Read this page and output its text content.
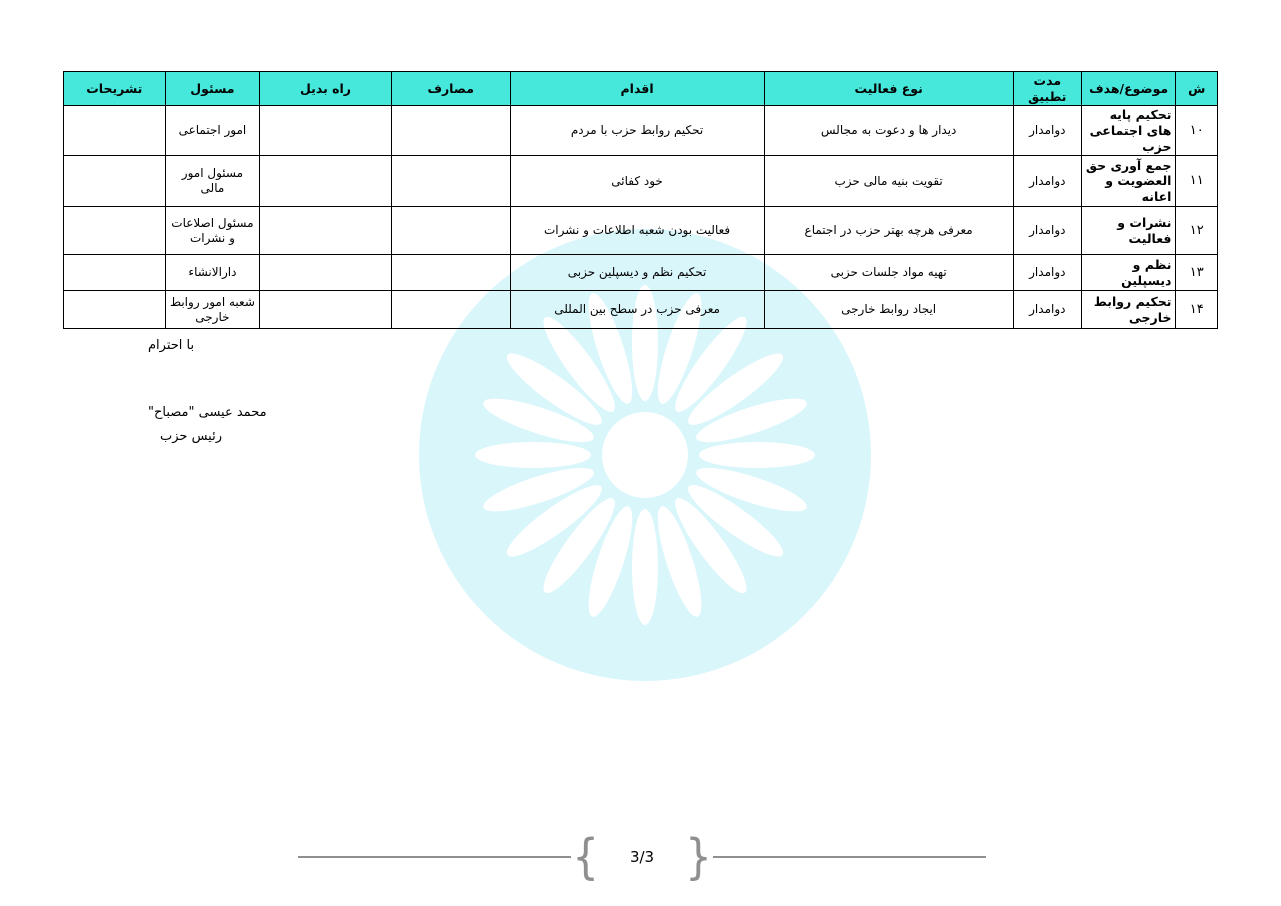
ش	موضوع/هدف	مدت تطبیق	نوع فعالیت	اقدام	مصارف	راه بدیل	مسئول	تشریحات
۱۰	تحکیم پایه های اجتماعی حزب	دوامدار	دیدار ها و دعوت به مجالس	تحکیم روابط حزب با مردم			امور اجتماعی	
۱۱	جمع آوری حق العضویت و اعانه	دوامدار	تقویت بنیه مالی حزب	خود کفائی			مسئول امور مالی	
۱۲	نشرات و فعالیت	دوامدار	معرفی هرچه بهتر حزب در اجتماع	فعالیت بودن شعبه اطلاعات و نشرات			مسئول اصلاعات و نشرات	
۱۳	نظم و دیسپلین	دوامدار	تهیه مواد جلسات حزبی	تحکیم نظم و دیسپلین حزبی			دارالانشاء	
۱۴	تحکیم روابط خارجی	دوامدار	ایجاد روابط خارجی	معرفی حزب در سطح بین المللی			شعبه امور روابط خارجی	
با احترام
محمد عیسی "مصباح"
رئیس حزب
{ 3/3 }
